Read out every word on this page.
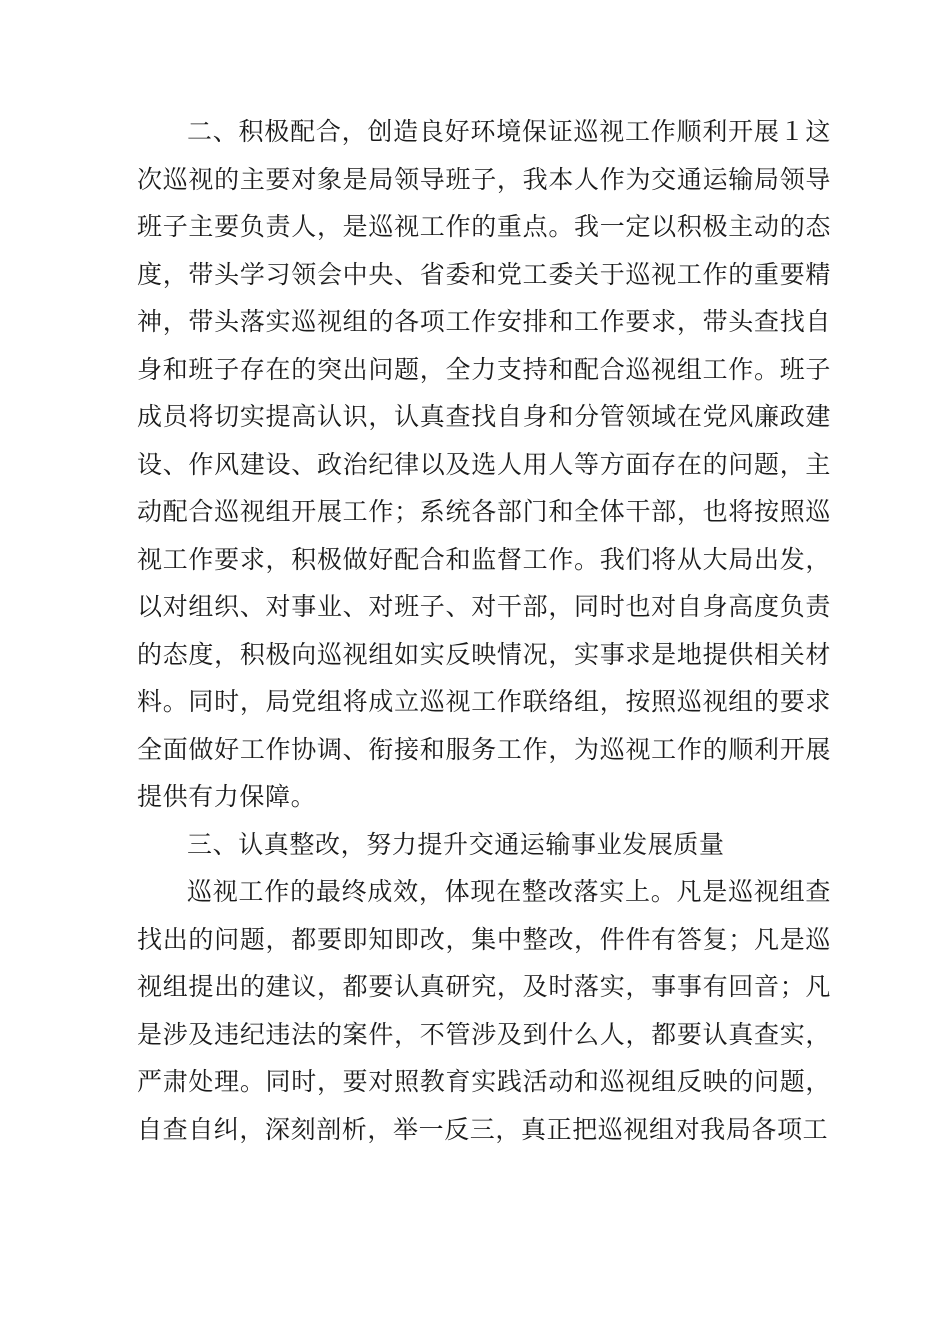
二、积极配合，创造良好环境保证巡视工作顺利开展１这次巡视的主要对象是局领导班子，我本人作为交通运输局领导班子主要负责人，是巡视工作的重点。我一定以积极主动的态度，带头学习领会中央、省委和党工委关于巡视工作的重要精神，带头落实巡视组的各项工作安排和工作要求，带头查找自身和班子存在的突出问题，全力支持和配合巡视组工作。班子成员将切实提高认识，认真查找自身和分管领域在党风廉政建设、作风建设、政治纪律以及选人用人等方面存在的问题，主动配合巡视组开展工作；系统各部门和全体干部，也将按照巡视工作要求，积极做好配合和监督工作。我们将从大局出发，以对组织、对事业、对班子、对干部，同时也对自身高度负责的态度，积极向巡视组如实反映情况，实事求是地提供相关材料。同时，局党组将成立巡视工作联络组，按照巡视组的要求全面做好工作协调、衔接和服务工作，为巡视工作的顺利开展提供有力保障。

三、认真整改，努力提升交通运输事业发展质量

巡视工作的最终成效，体现在整改落实上。凡是巡视组查找出的问题，都要即知即改，集中整改，件件有答复；凡是巡视组提出的建议，都要认真研究，及时落实，事事有回音；凡是涉及违纪违法的案件，不管涉及到什么人，都要认真查实，严肃处理。同时，要对照教育实践活动和巡视组反映的问题，自查自纠，深刻剖析，举一反三，真正把巡视组对我局各项工
